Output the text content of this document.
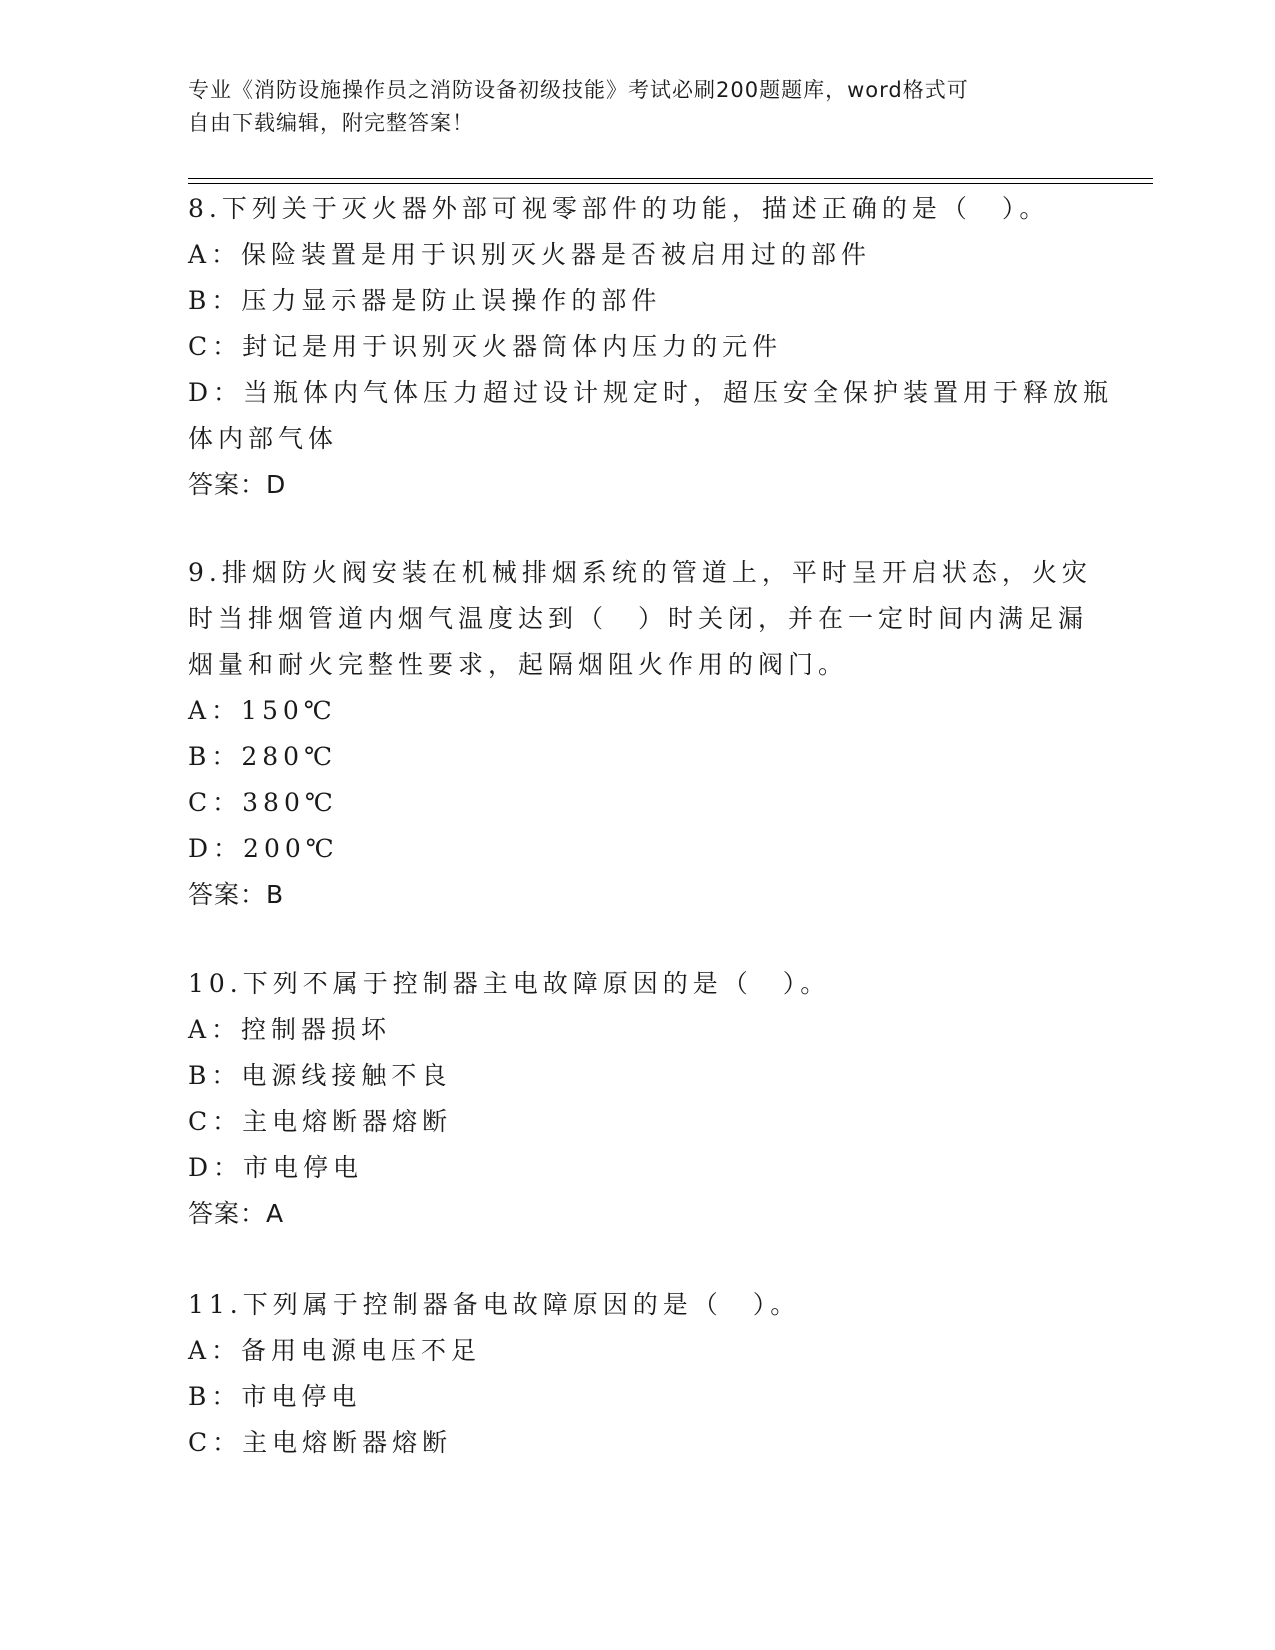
专业《消防设施操作员之消防设备初级技能》考试必刷200题题库，word格式可
自由下载编辑，附完整答案！
8.下列关于灭火器外部可视零部件的功能，描述正确的是（　）。
A：保险装置是用于识别灭火器是否被启用过的部件
B：压力显示器是防止误操作的部件
C：封记是用于识别灭火器筒体内压力的元件
D：当瓶体内气体压力超过设计规定时，超压安全保护装置用于释放瓶
体内部气体
答案：D
9.排烟防火阀安装在机械排烟系统的管道上，平时呈开启状态，火灾
时当排烟管道内烟气温度达到（　）时关闭，并在一定时间内满足漏
烟量和耐火完整性要求，起隔烟阻火作用的阀门。
A：150℃
B：280℃
C：380℃
D：200℃
答案：B
10.下列不属于控制器主电故障原因的是（　）。
A：控制器损坏
B：电源线接触不良
C：主电熔断器熔断
D：市电停电
答案：A
11.下列属于控制器备电故障原因的是（　）。
A：备用电源电压不足
B：市电停电
C：主电熔断器熔断
